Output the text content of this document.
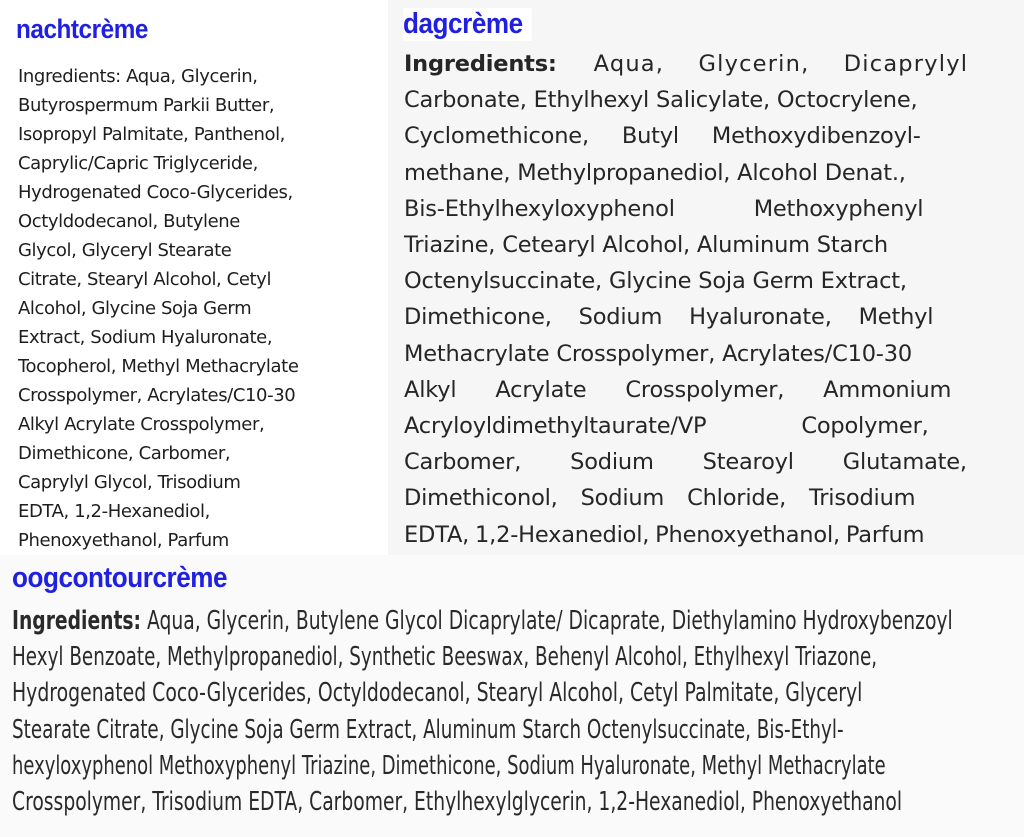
nachtcrème
Ingredients: Aqua, Glycerin,
Butyrospermum Parkii Butter,
Isopropyl Palmitate, Panthenol,
Caprylic/Capric Triglyceride,
Hydrogenated Coco-Glycerides,
Octyldodecanol, Butylene
Glycol, Glyceryl Stearate
Citrate, Stearyl Alcohol, Cetyl
Alcohol, Glycine Soja Germ
Extract, Sodium Hyaluronate,
Tocopherol, Methyl Methacrylate
Crosspolymer, Acrylates/C10-30
Alkyl Acrylate Crosspolymer,
Dimethicone, Carbomer,
Caprylyl Glycol, Trisodium
EDTA, 1,2-Hexanediol,
Phenoxyethanol, Parfum
dagcrème
Ingredients: Aqua, Glycerin, Dicaprylyl
Carbonate, Ethylhexyl Salicylate, Octocrylene,
Cyclomethicone, Butyl Methoxydibenzoyl-
methane, Methylpropanediol, Alcohol Denat.,
Bis-Ethylhexyloxyphenol Methoxyphenyl
Triazine, Cetearyl Alcohol, Aluminum Starch
Octenylsuccinate, Glycine Soja Germ Extract,
Dimethicone, Sodium Hyaluronate, Methyl
Methacrylate Crosspolymer, Acrylates/C10-30
Alkyl Acrylate Crosspolymer, Ammonium
Acryloyldimethyltaurate/VP Copolymer,
Carbomer, Sodium Stearoyl Glutamate,
Dimethiconol, Sodium Chloride, Trisodium
EDTA, 1,2-Hexanediol, Phenoxyethanol, Parfum
oogcontourcrème
Ingredients: Aqua, Glycerin, Butylene Glycol Dicaprylate/ Dicaprate, Diethylamino Hydroxybenzoyl
Hexyl Benzoate, Methylpropanediol, Synthetic Beeswax, Behenyl Alcohol, Ethylhexyl Triazone,
Hydrogenated Coco-Glycerides, Octyldodecanol, Stearyl Alcohol, Cetyl Palmitate, Glyceryl
Stearate Citrate, Glycine Soja Germ Extract, Aluminum Starch Octenylsuccinate, Bis-Ethyl-
hexyloxyphenol Methoxyphenyl Triazine, Dimethicone, Sodium Hyaluronate, Methyl Methacrylate
Crosspolymer, Trisodium EDTA, Carbomer, Ethylhexylglycerin, 1,2-Hexanediol, Phenoxyethanol
